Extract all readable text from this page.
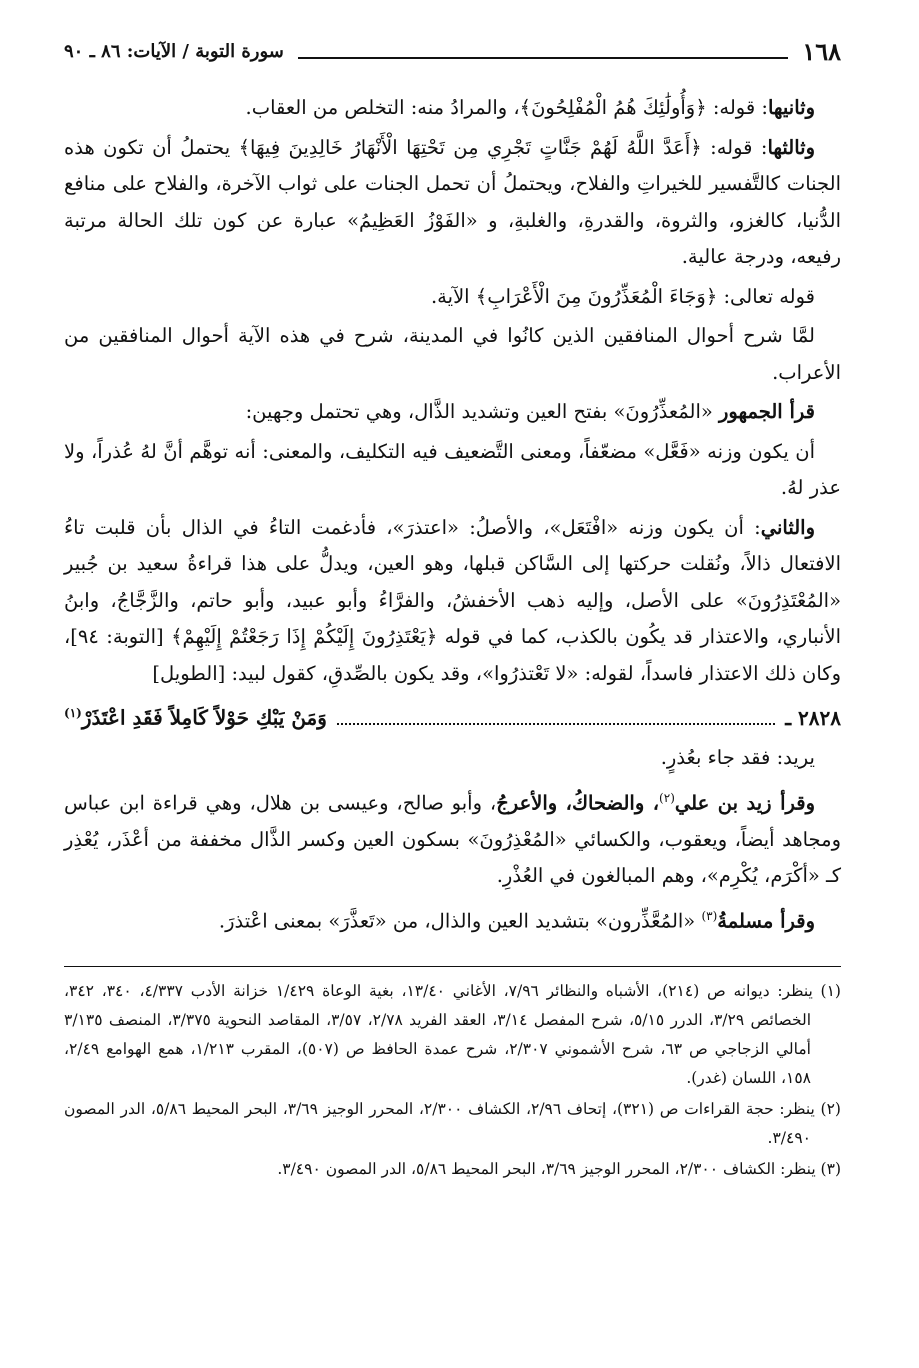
١٦٨
سورة التوبة / الآيات: ٨٦ ـ ٩٠

وثانيها: قوله: ﴿وَأُولَٰئِكَ هُمُ الْمُفْلِحُونَ﴾، والمرادُ منه: التخلص من العقاب.

وثالثها: قوله: ﴿أَعَدَّ اللَّهُ لَهُمْ جَنَّاتٍ تَجْرِي مِن تَحْتِهَا الْأَنْهَارُ خَالِدِينَ فِيهَا﴾ يحتملُ أن تكون هذه الجنات كالتَّفسير للخيراتِ والفلاح، ويحتملُ أن تحمل الجنات على ثواب الآخرة، والفلاح على منافع الدُّنيا، كالغزو، والثروة، والقدرةِ، والغلبةِ، و «الفَوْزُ العَظِيمُ» عبارة عن كون تلك الحالة مرتبة رفيعه، ودرجة عالية.

قوله تعالى: ﴿وَجَاءَ الْمُعَذِّرُونَ مِنَ الْأَعْرَابِ﴾ الآية.

لمَّا شرح أحوال المنافقين الذين كانُوا في المدينة، شرح في هذه الآية أحوال المنافقين من الأعراب.

قرأ الجمهور «المُعذِّرُونَ» بفتح العين وتشديد الذَّال، وهي تحتمل وجهين:

أن يكون وزنه «فَعَّل» مضعّفاً، ومعنى التَّضعيف فيه التكليف، والمعنى: أنه توهَّم أنَّ لهُ عُذراً، ولا عذر لهُ.

والثاني: أن يكون وزنه «افْتَعَل»، والأصلُ: «اعتذرَ»، فأدغمت التاءُ في الذال بأن قلبت تاءُ الافتعال ذالاً، ونُقلت حركتها إلى السَّاكن قبلها، وهو العين، ويدلُّ على هذا قراءةُ سعيد بن جُبير «المُعْتَذِرُونَ» على الأصل، وإليه ذهب الأخفشُ، والفرَّاءُ وأبو عبيد، وأبو حاتم، والزَّجَّاجُ، وابنُ الأنباري، والاعتذار قد يكُون بالكذب، كما في قوله ﴿يَعْتَذِرُونَ إِلَيْكُمْ إِذَا رَجَعْتُمْ إِلَيْهِمْ﴾ [التوبة: ٩٤]، وكان ذلك الاعتذار فاسداً، لقوله: «لا تَعْتذرُوا»، وقد يكون بالصِّدقِ، كقول لبيد: [الطويل]

٢٨٢٨ ـ
وَمَنْ يَبْكِ حَوْلاً كَامِلاً فَقَدِ اعْتَذَرْ$^{(١)}$

يريد: فقد جاء بعُذرٍ.

وقرأ زيد بن علي$^{(٢)}$، والضحاكُ، والأعرجُ، وأبو صالح، وعيسى بن هلال، وهي قراءة ابن عباس ومجاهد أيضاً، ويعقوب، والكسائي «المُعْذِرُونَ» بسكون العين وكسر الذَّال مخففة من أعْذَر، يُعْذِر كـ «أكْرَم، يُكْرِم»، وهم المبالغون في العُذْرِ.

وقرأ مسلمةُ$^{(٣)}$ «المُعَّذِّرون» بتشديد العين والذال، من «تَعذَّرَ» بمعنى اعْتذرَ.

(١) ينظر: ديوانه ص (٢١٤)، الأشباه والنظائر ٧/٩٦، الأغاني ١٣/٤٠، بغية الوعاة ١/٤٢٩ خزانة الأدب ٤/٣٣٧، ٣٤٠، ٣٤٢، الخصائص ٣/٢٩، الدرر ٥/١٥، شرح المفصل ٣/١٤، العقد الفريد ٢/٧٨، ٣/٥٧، المقاصد النحوية ٣/٣٧٥، المنصف ٣/١٣٥ أمالي الزجاجي ص ٦٣، شرح الأشموني ٢/٣٠٧، شرح عمدة الحافظ ص (٥٠٧)، المقرب ١/٢١٣، همع الهوامع ٢/٤٩، ١٥٨، اللسان (غدر).

(٢) ينظر: حجة القراءات ص (٣٢١)، إتحاف ٢/٩٦، الكشاف ٢/٣٠٠، المحرر الوجيز ٣/٦٩، البحر المحيط ٥/٨٦، الدر المصون ٣/٤٩٠.

(٣) ينظر: الكشاف ٢/٣٠٠، المحرر الوجيز ٣/٦٩، البحر المحيط ٥/٨٦، الدر المصون ٣/٤٩٠.
